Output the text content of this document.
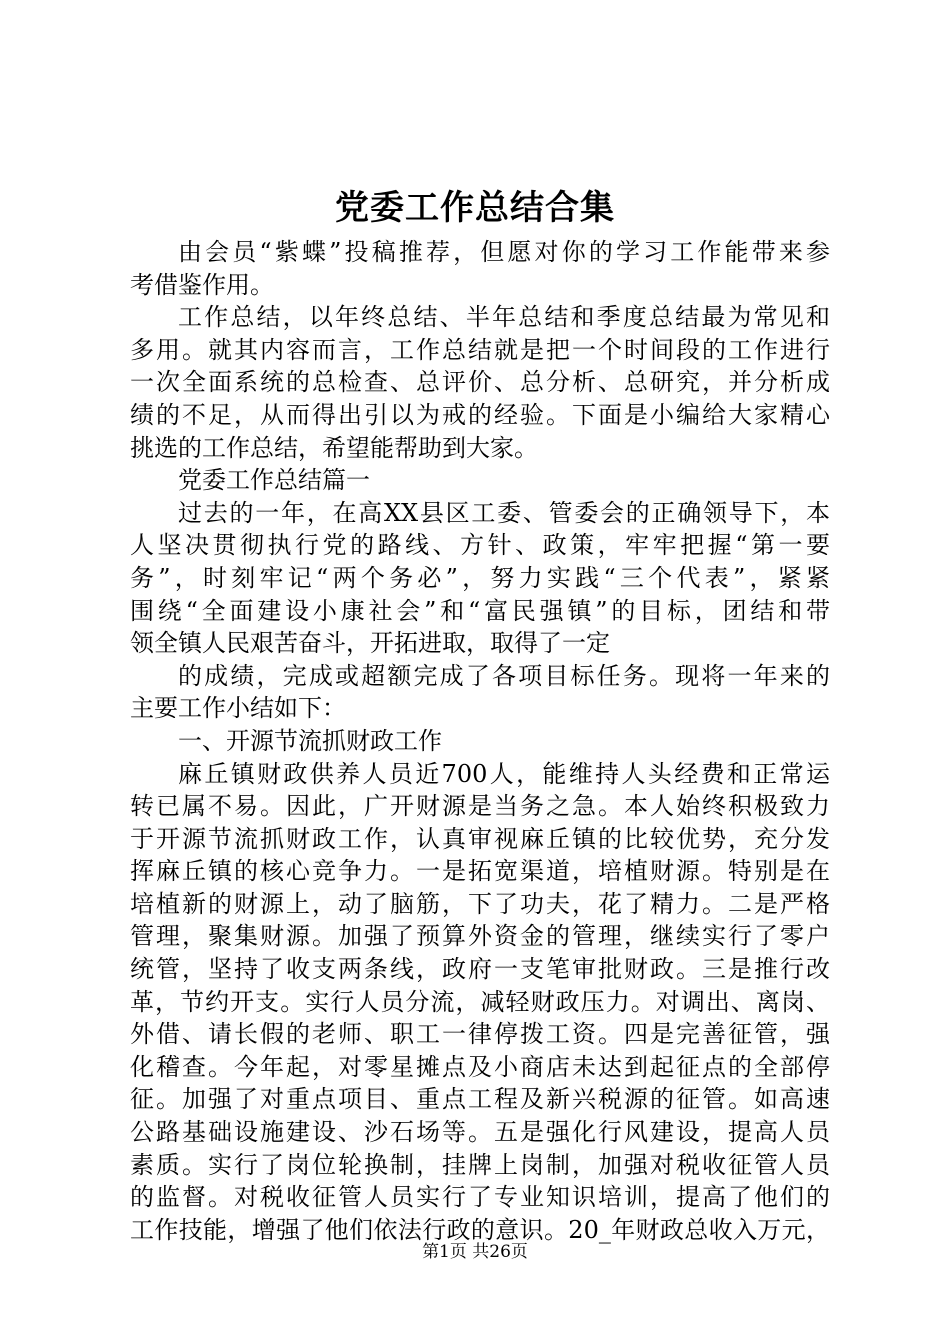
党委工作总结合集
由会员“紫蝶”投稿推荐，但愿对你的学习工作能带来参
考借鉴作用。
工作总结，以年终总结、半年总结和季度总结最为常见和
多用。就其内容而言，工作总结就是把一个时间段的工作进行
一次全面系统的总检查、总评价、总分析、总研究，并分析成
绩的不足，从而得出引以为戒的经验。下面是小编给大家精心
挑选的工作总结，希望能帮助到大家。
党委工作总结篇一
过去的一年，在高XX县区工委、管委会的正确领导下，本
人坚决贯彻执行党的路线、方针、政策，牢牢把握“第一要
务”，时刻牢记“两个务必”，努力实践“三个代表”，紧紧
围绕“全面建设小康社会”和“富民强镇”的目标，团结和带
领全镇人民艰苦奋斗，开拓进取，取得了一定
的成绩，完成或超额完成了各项目标任务。现将一年来的
主要工作小结如下：
一、开源节流抓财政工作
麻丘镇财政供养人员近700人，能维持人头经费和正常运
转已属不易。因此，广开财源是当务之急。本人始终积极致力
于开源节流抓财政工作，认真审视麻丘镇的比较优势，充分发
挥麻丘镇的核心竞争力。一是拓宽渠道，培植财源。特别是在
培植新的财源上，动了脑筋，下了功夫，花了精力。二是严格
管理，聚集财源。加强了预算外资金的管理，继续实行了零户
统管，坚持了收支两条线，政府一支笔审批财政。三是推行改
革，节约开支。实行人员分流，减轻财政压力。对调出、离岗、
外借、请长假的老师、职工一律停拨工资。四是完善征管，强
化稽查。今年起，对零星摊点及小商店未达到起征点的全部停
征。加强了对重点项目、重点工程及新兴税源的征管。如高速
公路基础设施建设、沙石场等。五是强化行风建设，提高人员
素质。实行了岗位轮换制，挂牌上岗制，加强对税收征管人员
的监督。对税收征管人员实行了专业知识培训，提高了他们的
工作技能，增强了他们依法行政的意识。20_年财政总收入万元，
第1页 共26页
